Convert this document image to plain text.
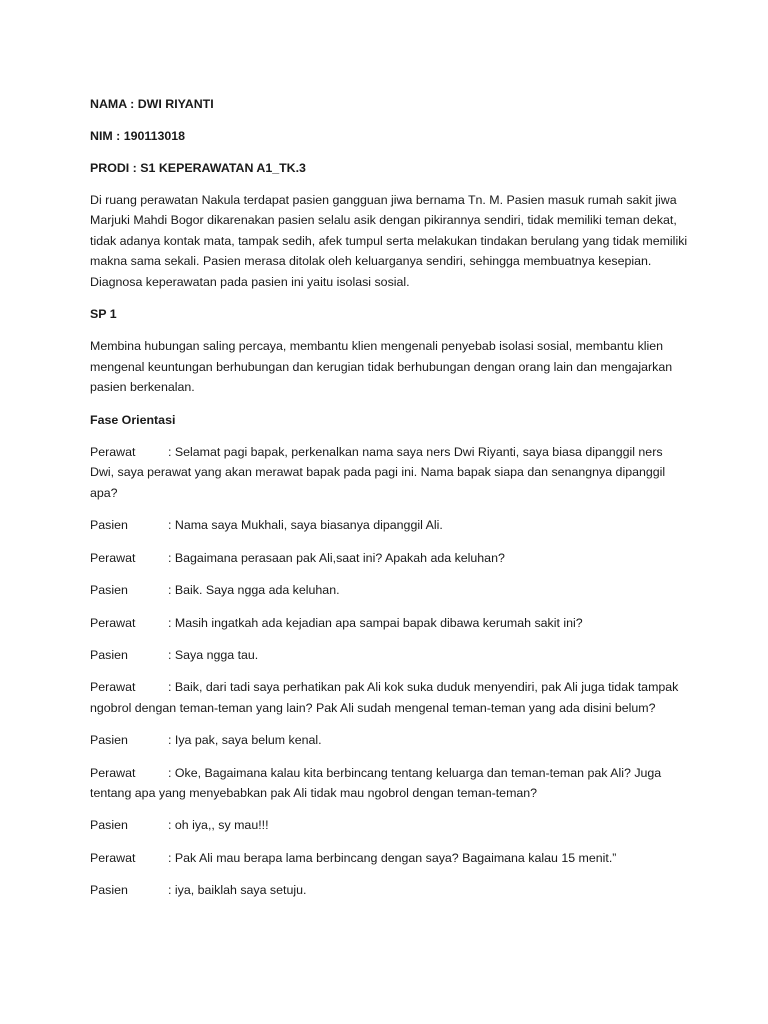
NAMA : DWI RIYANTI
NIM : 190113018
PRODI : S1 KEPERAWATAN A1_TK.3
Di ruang perawatan Nakula terdapat pasien gangguan jiwa bernama Tn. M. Pasien masuk rumah sakit jiwa Marjuki Mahdi Bogor dikarenakan pasien selalu asik dengan pikirannya sendiri, tidak memiliki teman dekat, tidak adanya kontak mata, tampak sedih, afek tumpul serta melakukan tindakan berulang yang tidak memiliki makna sama sekali. Pasien merasa ditolak oleh keluarganya sendiri, sehingga membuatnya kesepian. Diagnosa keperawatan pada pasien ini yaitu isolasi sosial.
SP 1
Membina hubungan saling percaya, membantu klien mengenali penyebab isolasi sosial, membantu klien mengenal keuntungan berhubungan dan kerugian tidak berhubungan dengan orang lain dan mengajarkan pasien berkenalan.
Fase Orientasi
Perawat	: Selamat pagi bapak, perkenalkan nama saya ners Dwi Riyanti, saya biasa dipanggil ners Dwi, saya perawat yang akan merawat bapak pada pagi ini. Nama bapak siapa dan senangnya dipanggil apa?
Pasien	: Nama saya Mukhali, saya biasanya dipanggil Ali.
Perawat	: Bagaimana perasaan pak Ali,saat ini? Apakah ada keluhan?
Pasien	: Baik. Saya ngga ada keluhan.
Perawat	: Masih ingatkah ada kejadian apa sampai bapak dibawa kerumah sakit ini?
Pasien	: Saya ngga tau.
Perawat	: Baik, dari tadi saya perhatikan pak Ali kok suka duduk menyendiri, pak Ali juga tidak tampak ngobrol dengan teman-teman yang lain? Pak Ali sudah mengenal teman-teman yang ada disini belum?
Pasien	: Iya pak, saya belum kenal.
Perawat	: Oke, Bagaimana kalau kita berbincang tentang keluarga dan teman-teman pak Ali? Juga tentang apa yang menyebabkan pak Ali tidak mau ngobrol dengan teman-teman?
Pasien	: oh iya,, sy mau!!!
Perawat	: Pak Ali mau berapa lama berbincang dengan saya? Bagaimana kalau 15 menit.”
Pasien	: iya, baiklah saya setuju.
